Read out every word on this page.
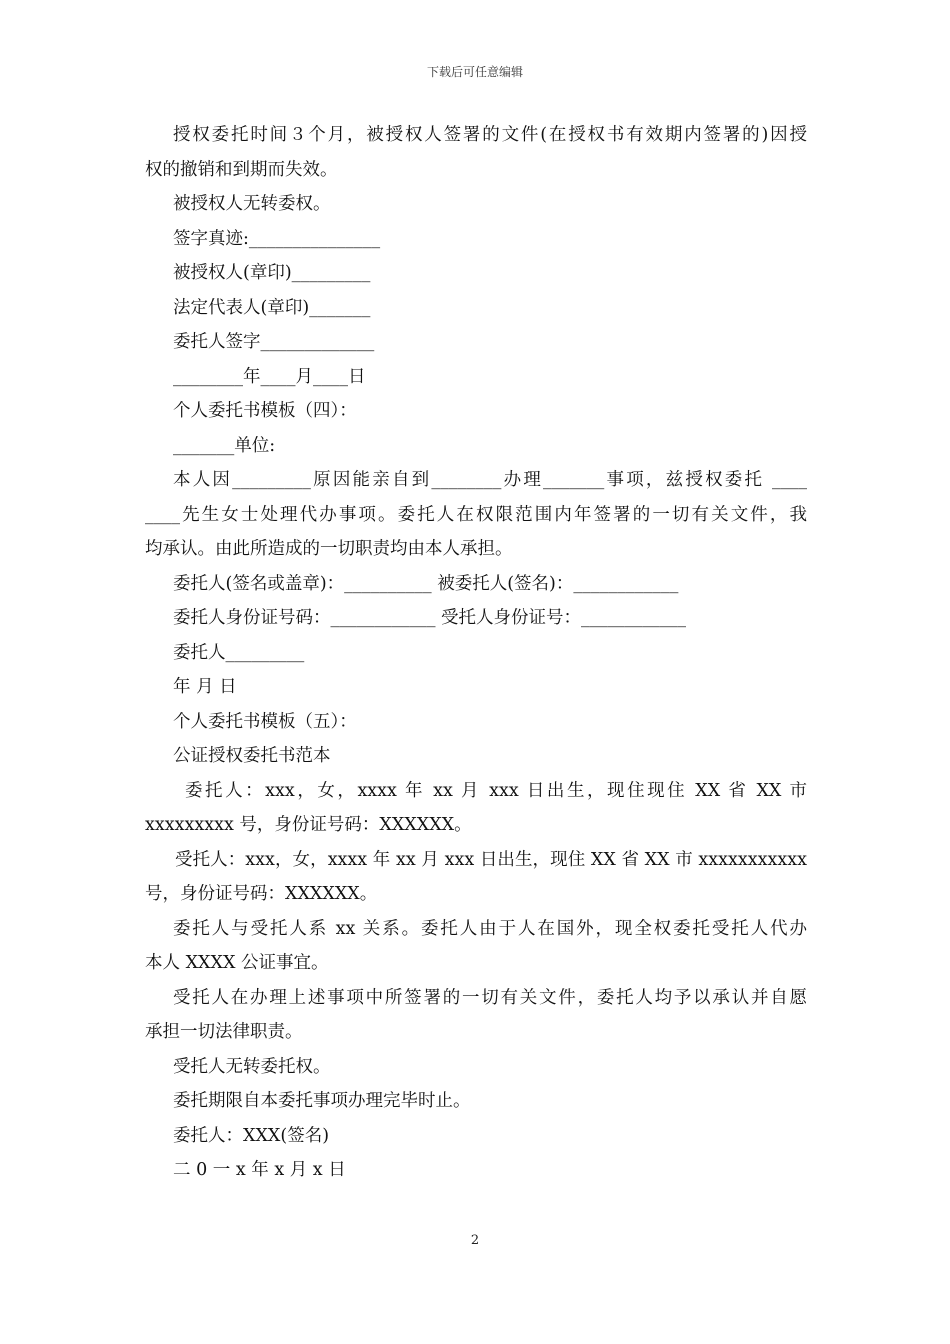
下载后可任意编辑
授权委托时间３个月，被授权人签署的文件(在授权书有效期内签署的)因授
权的撤销和到期而失效。
被授权人无转委权。
签字真迹:_______________
被授权人(章印)_________
法定代表人(章印)_______
委托人签字_____________
________年____月____日
个人委托书模板（四）：
_______单位:
本人因_________原因能亲自到________办理_______事项，兹授权委托 ____
____先生女士处理代办事项。委托人在权限范围内年签署的一切有关文件，我
均承认。由此所造成的一切职责均由本人承担。
委托人(签名或盖章)：__________ 被委托人(签名)：____________
委托人身份证号码：____________ 受托人身份证号：____________
委托人_________
年 月 日
个人委托书模板（五）：
公证授权委托书范本
委托人：xxx，女，xxxx 年 xx 月 xxx 日出生，现住现住 XX 省 XX 市
xxxxxxxxx 号，身份证号码：XXXXXX。
受托人：xxx，女，xxxx 年 xx 月 xxx 日出生，现住 XX 省 XX 市 xxxxxxxxxxx
号，身份证号码：XXXXXX。
委托人与受托人系 xx 关系。委托人由于人在国外，现全权委托受托人代办
本人 XXXX 公证事宜。
受托人在办理上述事项中所签署的一切有关文件，委托人均予以承认并自愿
承担一切法律职责。
受托人无转委托权。
委托期限自本委托事项办理完毕时止。
委托人：XXX(签名)
二 0 一 x 年 x 月 x 日
2
